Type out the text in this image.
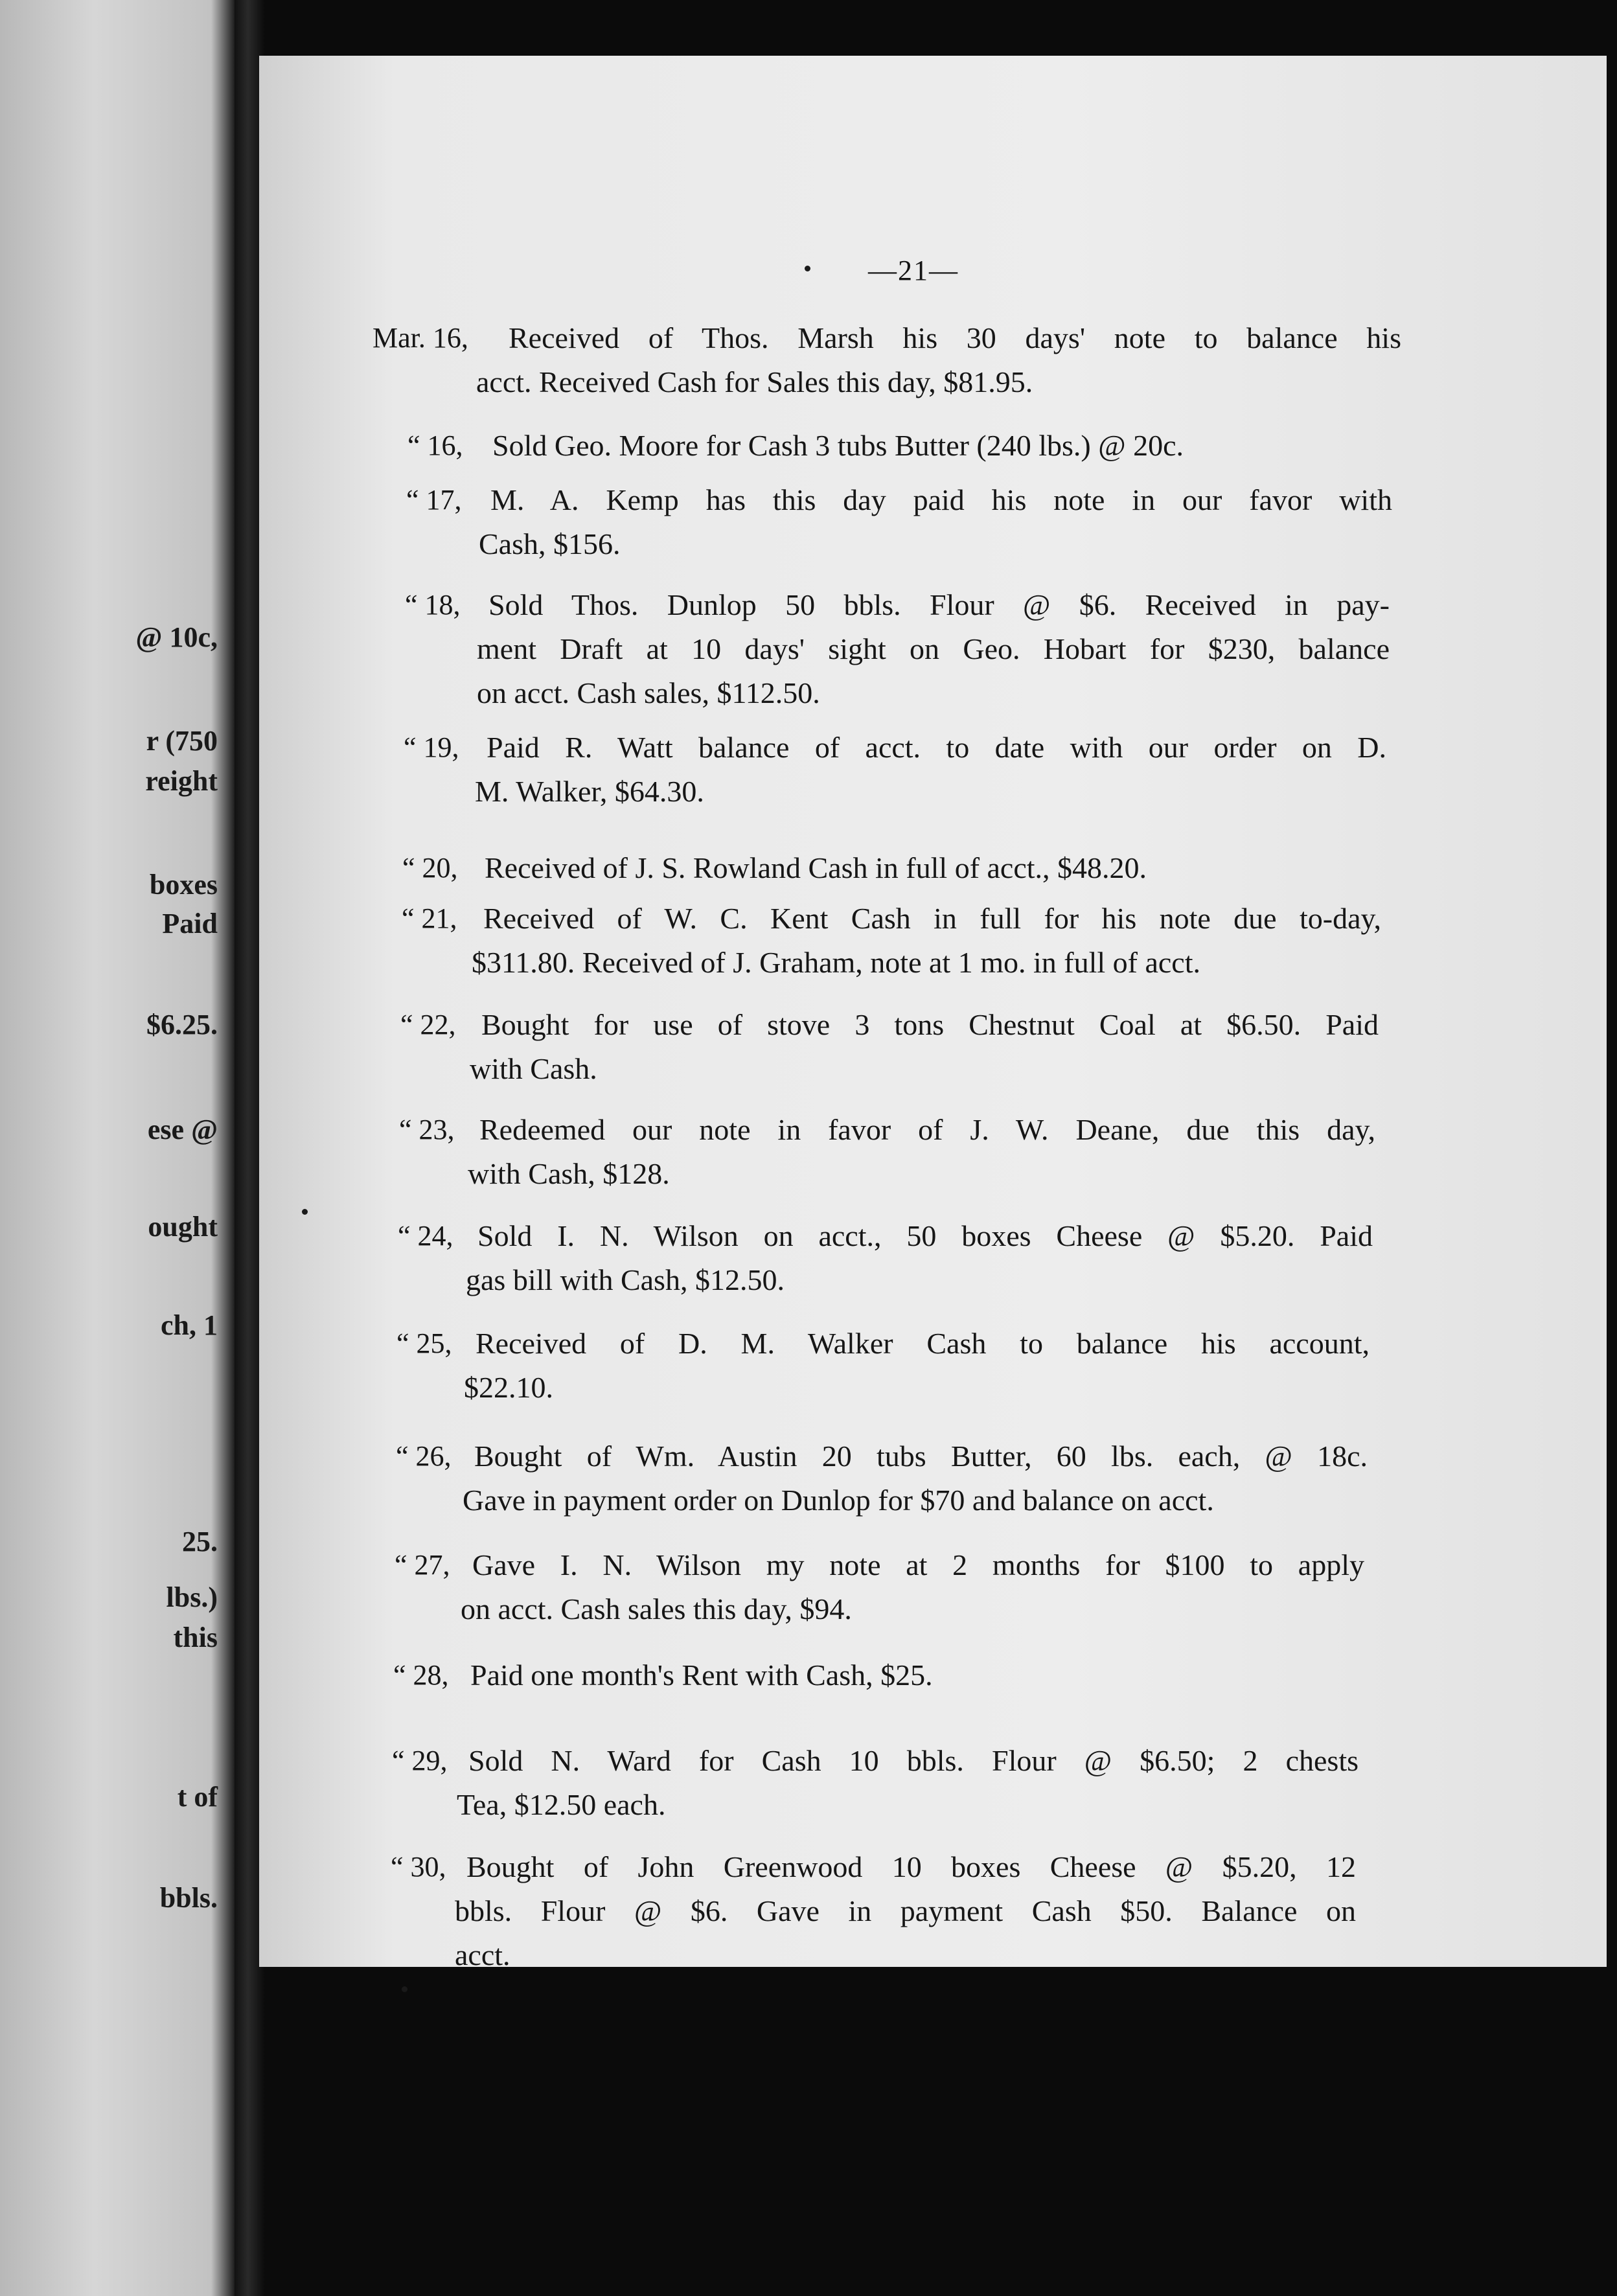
@ 10c,
r (750
reight
boxes
Paid
$6.25.
ese @
ought
ch, 1
25.
lbs.)
this
t of
bbls.
—21—
Mar. 16, Received of Thos. Marsh his 30 days' note to balance his
acct. Received Cash for Sales this day, $81.95.
“ 16, Sold Geo. Moore for Cash 3 tubs Butter (240 lbs.) @ 20c.
“ 17, M. A. Kemp has this day paid his note in our favor with
Cash, $156.
“ 18, Sold Thos. Dunlop 50 bbls. Flour @ $6. Received in pay-
ment Draft at 10 days' sight on Geo. Hobart for $230, balance
on acct. Cash sales, $112.50.
“ 19, Paid R. Watt balance of acct. to date with our order on D.
M. Walker, $64.30.
“ 20, Received of J. S. Rowland Cash in full of acct., $48.20.
“ 21, Received of W. C. Kent Cash in full for his note due to-day,
$311.80. Received of J. Graham, note at 1 mo. in full of acct.
“ 22, Bought for use of stove 3 tons Chestnut Coal at $6.50. Paid
with Cash.
“ 23, Redeemed our note in favor of J. W. Deane, due this day,
with Cash, $128.
“ 24, Sold I. N. Wilson on acct., 50 boxes Cheese @ $5.20. Paid
gas bill with Cash, $12.50.
“ 25, Received of D. M. Walker Cash to balance his account,
$22.10.
“ 26, Bought of Wm. Austin 20 tubs Butter, 60 lbs. each, @ 18c.
Gave in payment order on Dunlop for $70 and balance on acct.
“ 27, Gave I. N. Wilson my note at 2 months for $100 to apply
on acct. Cash sales this day, $94.
“ 28, Paid one month's Rent with Cash, $25.
“ 29, Sold N. Ward for Cash 10 bbls. Flour @ $6.50; 2 chests
Tea, $12.50 each.
“ 30, Bought of John Greenwood 10 boxes Cheese @ $5.20, 12
bbls. Flour @ $6. Gave in payment Cash $50. Balance on
acct.
